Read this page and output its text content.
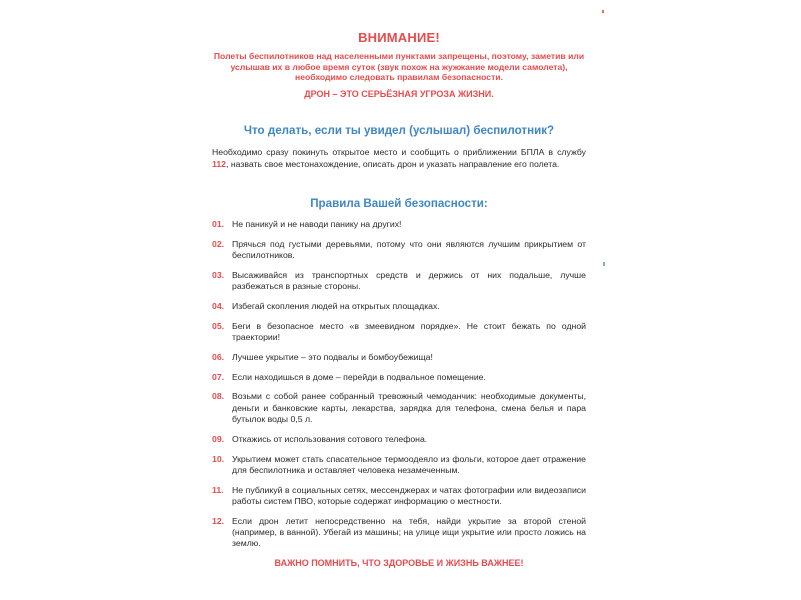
ВНИМАНИЕ!

Полеты беспилотников над населенными пунктами запрещены, поэтому, заметив или услышав их в любое время суток (звук похож на жужжание модели самолета), необходимо следовать правилам безопасности.

ДРОН – ЭТО СЕРЬЁЗНАЯ УГРОЗА ЖИЗНИ.
Что делать, если ты увидел (услышал) беспилотник?

Необходимо сразу покинуть открытое место и сообщить о приближении БПЛА в службу 112, назвать свое местонахождение, описать дрон и указать направление его полета.

Правила Вашей безопасности:
01. Не паникуй и не наводи панику на других!
02. Прячься под густыми деревьями, потому что они являются лучшим прикрытием от беспилотников.
03. Высаживайся из транспортных средств и держись от них подальше, лучше разбежаться в разные стороны.
04. Избегай скопления людей на открытых площадках.
05. Беги в безопасное место «в змеевидном порядке». Не стоит бежать по одной траектории!
06. Лучшее укрытие – это подвалы и бомбоубежища!
07. Если находишься в доме – перейди в подвальное помещение.
08. Возьми с собой ранее собранный тревожный чемоданчик: необходимые документы, деньги и банковские карты, лекарства, зарядка для телефона, смена белья и пара бутылок воды 0,5 л.
09. Откажись от использования сотового телефона.
10. Укрытием может стать спасательное термоодеяло из фольги, которое дает отражение для беспилотника и оставляет человека незамеченным.
11. Не публикуй в социальных сетях, мессенджерах и чатах фотографии или видеозаписи работы систем ПВО, которые содержат информацию о местности.
12. Если дрон летит непосредственно на тебя, найди укрытие за второй стеной (например, в ванной). Убегай из машины; на улице ищи укрытие или просто ложись на землю.
ВАЖНО ПОМНИТЬ, ЧТО ЗДОРОВЬЕ И ЖИЗНЬ ВАЖНЕЕ!
